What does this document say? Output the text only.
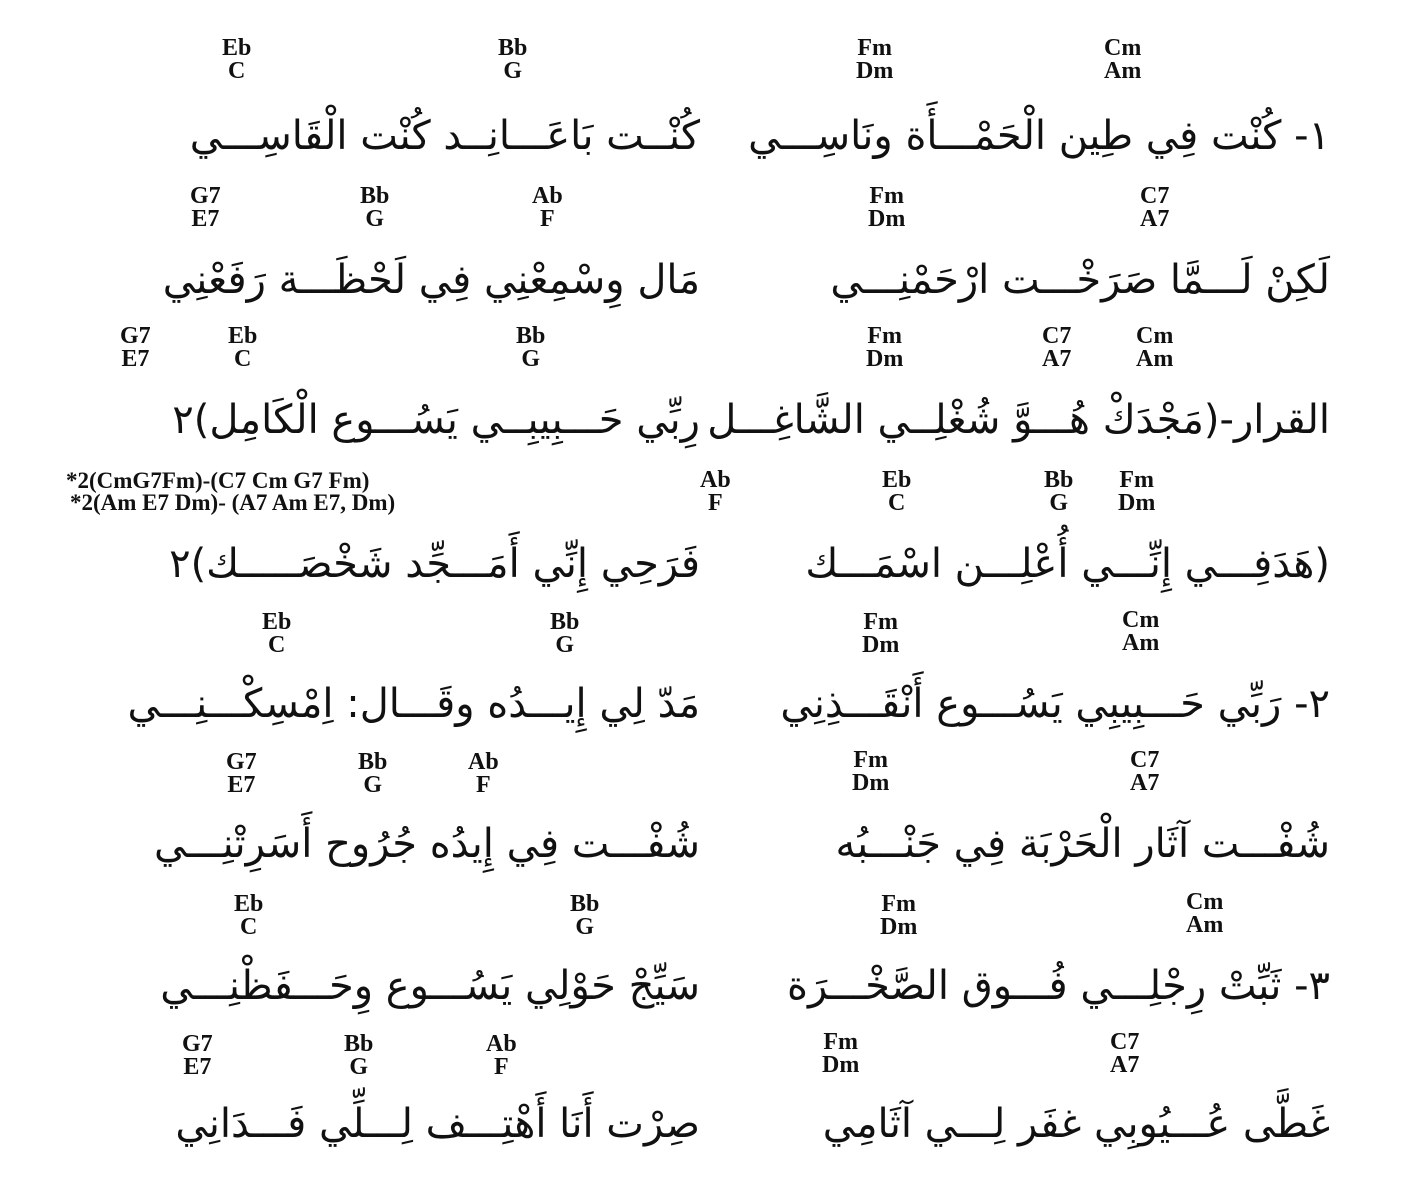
Eb
C
Bb
G
Fm
Dm
Cm
Am
كُنْــت بَاعَـــانِــد كُنْت الْقَاسِـــي ١- كُنْت فِي طِين الْحَمْـــأَة ونَاسِـــي
G7
E7
Bb
G
Ab
F
Fm
Dm
C7
A7
مَال وِسْمِعْنِي فِي لَحْظَـــة رَفَعْنِي	لَكِنْ لَـــمَّا صَرَخْـــت ارْحَمْنِـــي
G7
E7
Eb
C
Bb
G
Fm
Dm
C7
A7
Cm
Am
رِبِّي حَـــبِيبِــي يَسُـــوع الْكَامِل)٢ القرار-(مَجْدَكْ هُـــوَّ شُغْلِــي الشَّاغِـــل
*2(CmG7Fm)-(C7 Cm G7 Fm)
*2(Am E7 Dm)- (A7 Am E7, Dm)
Ab
F
Eb
C
Bb
G
Fm
Dm
فَرَحِي إِنِّي أَمَـــجِّد شَخْصَـــــك)٢	(هَدَفِـــي إِنِّـــي أُعْلِـــن اسْمَـــك
Eb
C
Bb
G
Fm
Dm
Cm
Am
مَدّ لِي إِيـــدُه وقَـــال: اِمْسِكْـــنِـــي ٢- رَبِّي حَـــبِيبِي يَسُـــوع أَنْقَـــذِنِي
G7
E7
Bb
G
Ab
F
Fm
Dm
C7
A7
شُفْـــت فِي إِيدُه جُرُوح أَسَرِتْنِـــي	شُفْـــت آثَار الْحَرْبَة فِي جَنْـــبُه
Eb
C
Bb
G
Fm
Dm
Cm
Am
سَيِّجْ حَوْلِي يَسُـــوع وِحَـــفَظْنِـــي	٣- ثَبِّتْ رِجْلِـــي فُـــوق الصَّخْـــرَة
G7
E7
Bb
G
Ab
F
Fm
Dm
C7
A7
صِرْت أَنَا أَهْتِـــف لِـــلِّي فَـــدَانِي	غَطَّى عُـــيُوبِي غفَر لِـــي آثَامِي
